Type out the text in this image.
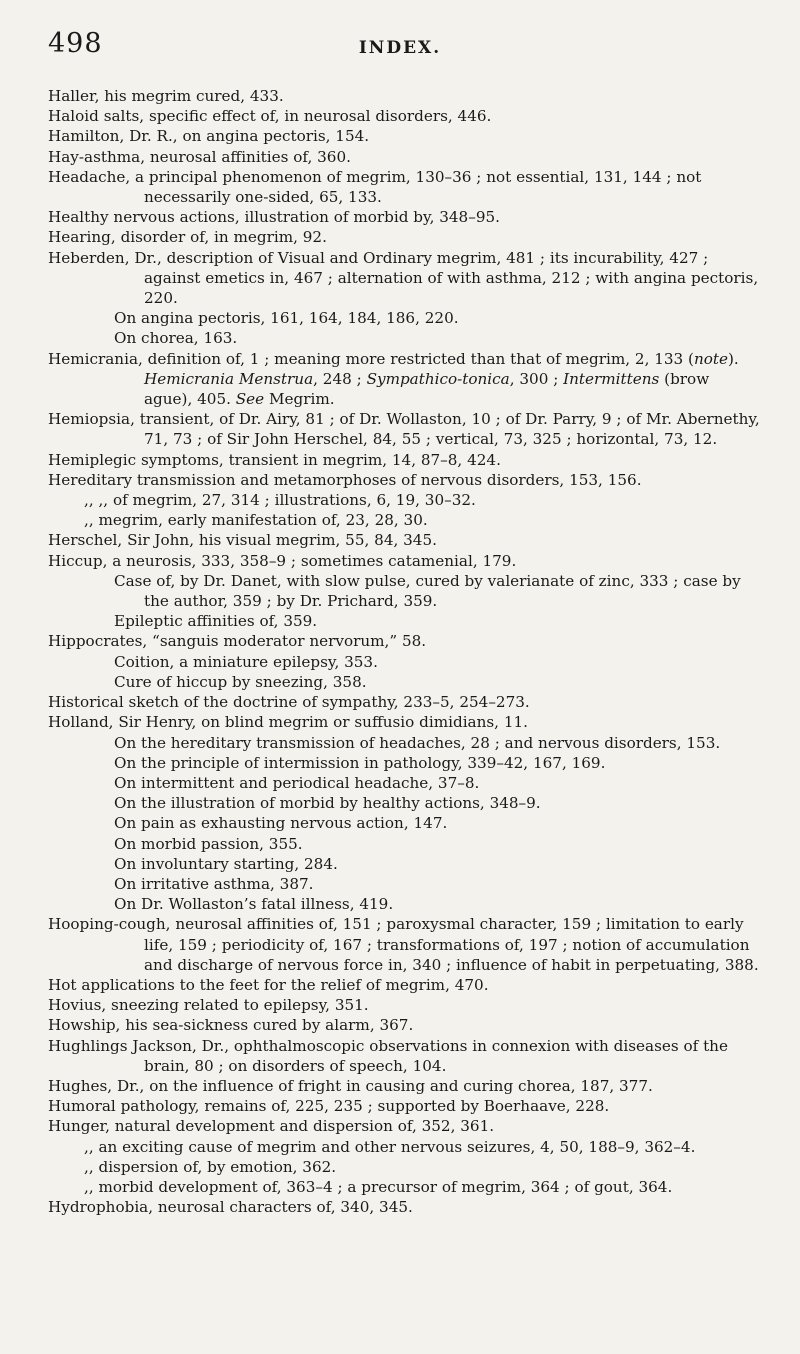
498	INDEX.
Haller, his megrim cured, 433.
Haloid salts, specific effect of, in neurosal disorders, 446.
Hamilton, Dr. R., on angina pectoris, 154.
Hay-asthma, neurosal affinities of, 360.
Headache, a principal phenomenon of megrim, 130–36 ; not essential, 131, 144 ; not necessarily one-sided, 65, 133.
Healthy nervous actions, illustration of morbid by, 348–95.
Hearing, disorder of, in megrim, 92.
Heberden, Dr., description of Visual and Ordinary megrim, 481 ; its incurability, 427 ; against emetics in, 467 ; alternation of with asthma, 212 ; with angina pectoris, 220.
On angina pectoris, 161, 164, 184, 186, 220.
On chorea, 163.
Hemicrania, definition of, 1 ; meaning more restricted than that of megrim, 2, 133 (note). Hemicrania Menstrua, 248 ; Sympathico-tonica, 300 ; Intermittens (brow ague), 405. See Megrim.
Hemiopsia, transient, of Dr. Airy, 81 ; of Dr. Wollaston, 10 ; of Dr. Parry, 9 ; of Mr. Abernethy, 71, 73 ; of Sir John Herschel, 84, 55 ; vertical, 73, 325 ; horizontal, 73, 12.
Hemiplegic symptoms, transient in megrim, 14, 87–8, 424.
Hereditary transmission and metamorphoses of nervous disorders, 153, 156.
,, ,, of megrim, 27, 314 ; illustrations, 6, 19, 30–32.
,, megrim, early manifestation of, 23, 28, 30.
Herschel, Sir John, his visual megrim, 55, 84, 345.
Hiccup, a neurosis, 333, 358–9 ; sometimes catamenial, 179.
Case of, by Dr. Danet, with slow pulse, cured by valerianate of zinc, 333 ; case by the author, 359 ; by Dr. Prichard, 359.
Epileptic affinities of, 359.
Hippocrates, “sanguis moderator nervorum,” 58.
Coition, a miniature epilepsy, 353.
Cure of hiccup by sneezing, 358.
Historical sketch of the doctrine of sympathy, 233–5, 254–273.
Holland, Sir Henry, on blind megrim or suffusio dimidians, 11.
On the hereditary transmission of headaches, 28 ; and nervous disorders, 153.
On the principle of intermission in pathology, 339–42, 167, 169.
On intermittent and periodical headache, 37–8.
On the illustration of morbid by healthy actions, 348–9.
On pain as exhausting nervous action, 147.
On morbid passion, 355.
On involuntary starting, 284.
On irritative asthma, 387.
On Dr. Wollaston’s fatal illness, 419.
Hooping-cough, neurosal affinities of, 151 ; paroxysmal character, 159 ; limitation to early life, 159 ; periodicity of, 167 ; transformations of, 197 ; notion of accumulation and discharge of nervous force in, 340 ; influence of habit in perpetuating, 388.
Hot applications to the feet for the relief of megrim, 470.
Hovius, sneezing related to epilepsy, 351.
Howship, his sea-sickness cured by alarm, 367.
Hughlings Jackson, Dr., ophthalmoscopic observations in connexion with diseases of the brain, 80 ; on disorders of speech, 104.
Hughes, Dr., on the influence of fright in causing and curing chorea, 187, 377.
Humoral pathology, remains of, 225, 235 ; supported by Boerhaave, 228.
Hunger, natural development and dispersion of, 352, 361.
,, an exciting cause of megrim and other nervous seizures, 4, 50, 188–9, 362–4.
,, dispersion of, by emotion, 362.
,, morbid development of, 363–4 ; a precursor of megrim, 364 ; of gout, 364.
Hydrophobia, neurosal characters of, 340, 345.
